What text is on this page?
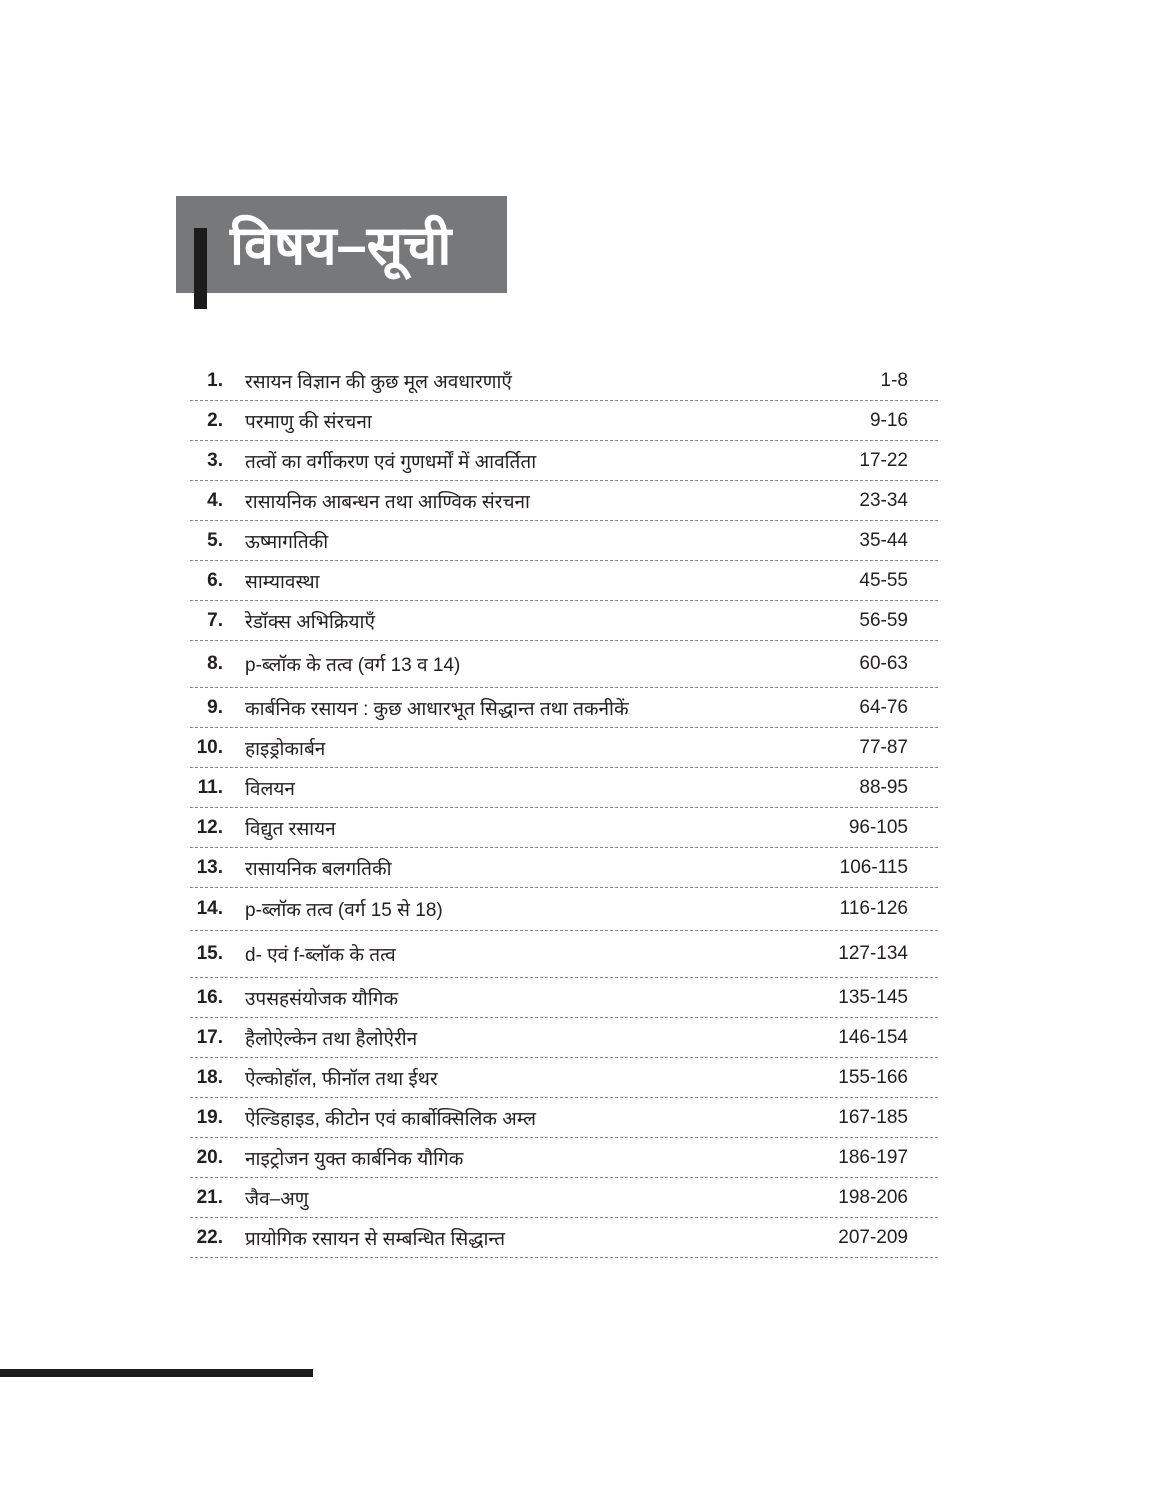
विषय–सूची
1. रसायन विज्ञान की कुछ मूल अवधारणाएँ	1-8
2. परमाणु की संरचना	9-16
3. तत्वों का वर्गीकरण एवं गुणधर्मों में आवर्तिता	17-22
4. रासायनिक आबन्धन तथा आण्विक संरचना	23-34
5. ऊष्मागतिकी	35-44
6. साम्यावस्था	45-55
7. रेडॉक्स अभिक्रियाएँ	56-59
8. p-ब्लॉक के तत्व (वर्ग 13 व 14)	60-63
9. कार्बनिक रसायन : कुछ आधारभूत सिद्धान्त तथा तकनीकें	64-76
10. हाइड्रोकार्बन	77-87
11. विलयन	88-95
12. विद्युत रसायन	96-105
13. रासायनिक बलगतिकी	106-115
14. p-ब्लॉक तत्व (वर्ग 15 से 18)	116-126
15. d- एवं f-ब्लॉक के तत्व	127-134
16. उपसहसंयोजक यौगिक	135-145
17. हैलोऐल्केन तथा हैलोऐरीन	146-154
18. ऐल्कोहॉल, फीनॉल तथा ईथर	155-166
19. ऐल्डिहाइड, कीटोन एवं कार्बोक्सिलिक अम्ल	167-185
20. नाइट्रोजन युक्त कार्बनिक यौगिक	186-197
21. जैव–अणु	198-206
22. प्रायोगिक रसायन से सम्बन्धित सिद्धान्त	207-209
